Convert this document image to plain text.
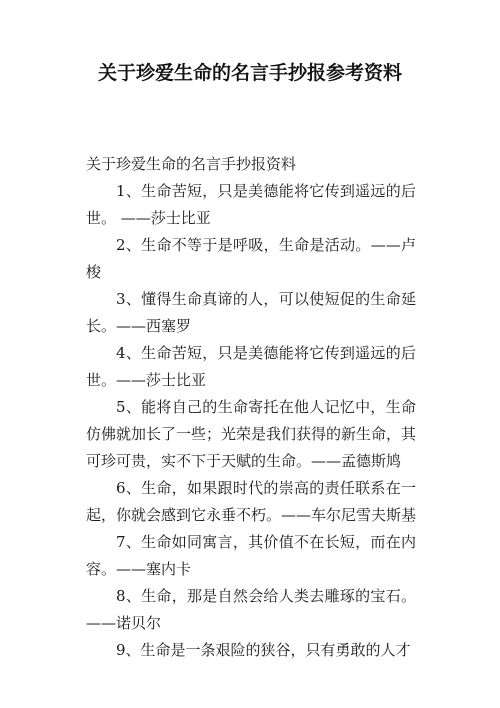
关于珍爱生命的名言手抄报参考资料

关于珍爱生命的名言手抄报资料

1、生命苦短，只是美德能将它传到遥远的后世。 ——莎士比亚

2、生命不等于是呼吸，生命是活动。——卢梭

3、懂得生命真谛的人，可以使短促的生命延长。——西塞罗

4、生命苦短，只是美德能将它传到遥远的后世。——莎士比亚

5、能将自己的生命寄托在他人记忆中，生命仿佛就加长了一些；光荣是我们获得的新生命，其可珍可贵，实不下于天赋的生命。——孟德斯鸠

6、生命，如果跟时代的崇高的责任联系在一起，你就会感到它永垂不朽。——车尔尼雪夫斯基

7、生命如同寓言，其价值不在长短，而在内容。——塞内卡

8、生命，那是自然会给人类去雕琢的宝石。 ——诺贝尔

9、生命是一条艰险的狭谷，只有勇敢的人才
